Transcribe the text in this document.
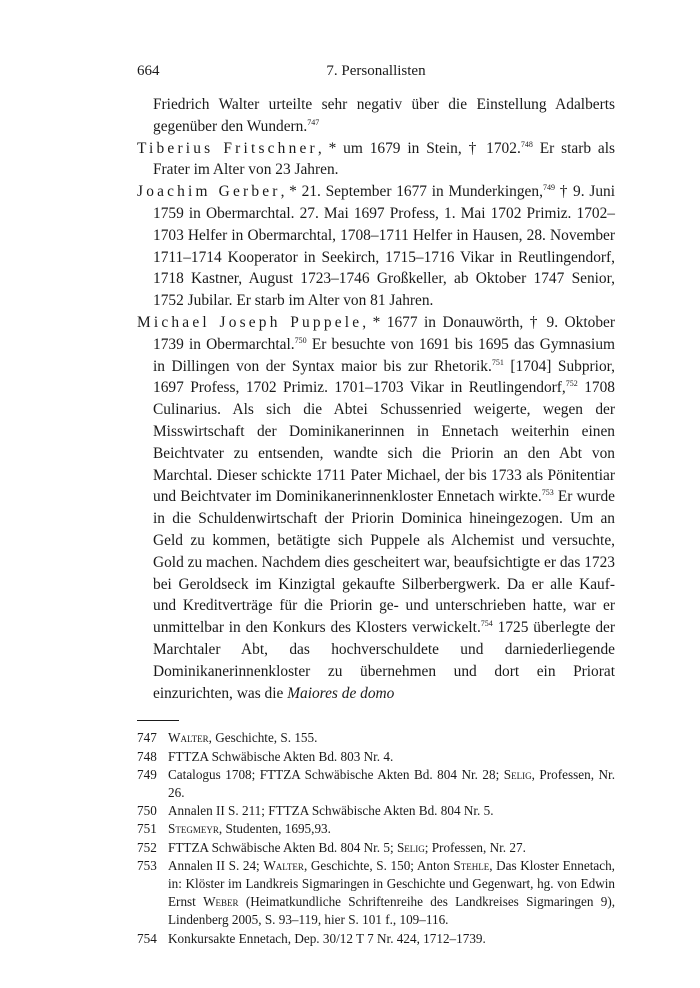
664	7. Personallisten

Friedrich Walter urteilte sehr negativ über die Einstellung Adalberts gegenüber den Wundern.$^{747}$

Tiberius Fritschner, * um 1679 in Stein, † 1702.$^{748}$ Er starb als Frater im Alter von 23 Jahren.

Joachim Gerber, * 21. September 1677 in Munderkingen,$^{749}$ † 9. Juni 1759 in Obermarchtal. 27. Mai 1697 Profess, 1. Mai 1702 Primiz. 1702–1703 Helfer in Obermarchtal, 1708–1711 Helfer in Hausen, 28. November 1711–1714 Kooperator in Seekirch, 1715–1716 Vikar in Reutlingendorf, 1718 Kastner, August 1723–1746 Großkeller, ab Oktober 1747 Senior, 1752 Jubilar. Er starb im Alter von 81 Jahren.

Michael Joseph Puppele, * 1677 in Donauwörth, † 9. Oktober 1739 in Obermarchtal.$^{750}$ Er besuchte von 1691 bis 1695 das Gymnasium in Dillingen von der Syntax maior bis zur Rhetorik.$^{751}$ [1704] Subprior, 1697 Profess, 1702 Primiz. 1701–1703 Vikar in Reutlingendorf,$^{752}$ 1708 Culinarius. Als sich die Abtei Schussenried weigerte, wegen der Misswirtschaft der Dominikanerinnen in Ennetach weiterhin einen Beichtvater zu entsenden, wandte sich die Priorin an den Abt von Marchtal. Dieser schickte 1711 Pater Michael, der bis 1733 als Pönitentiar und Beichtvater im Dominikanerinnenkloster Ennetach wirkte.$^{753}$ Er wurde in die Schuldenwirtschaft der Priorin Dominica hineingezogen. Um an Geld zu kommen, betätigte sich Puppele als Alchemist und versuchte, Gold zu machen. Nachdem dies gescheitert war, beaufsichtigte er das 1723 bei Geroldseck im Kinzigtal gekaufte Silberbergwerk. Da er alle Kauf- und Kreditverträge für die Priorin ge- und unterschrieben hatte, war er unmittelbar in den Konkurs des Klosters verwickelt.$^{754}$ 1725 überlegte der Marchtaler Abt, das hochverschuldete und darniederliegende Dominikanerinnenkloster zu übernehmen und dort ein Priorat einzurichten, was die Maiores de domo

747 Walter, Geschichte, S. 155.
748 FTTZA Schwäbische Akten Bd. 803 Nr. 4.
749 Catalogus 1708; FTTZA Schwäbische Akten Bd. 804 Nr. 28; Selig, Professen, Nr. 26.
750 Annalen II S. 211; FTTZA Schwäbische Akten Bd. 804 Nr. 5.
751 Stegmeyr, Studenten, 1695,93.
752 FTTZA Schwäbische Akten Bd. 804 Nr. 5; Selig; Professen, Nr. 27.
753 Annalen II S. 24; Walter, Geschichte, S. 150; Anton Stehle, Das Kloster Ennetach, in: Klöster im Landkreis Sigmaringen in Geschichte und Gegenwart, hg. von Edwin Ernst Weber (Heimatkundliche Schriftenreihe des Landkreises Sigmaringen 9), Lindenberg 2005, S. 93–119, hier S. 101 f., 109–116.
754 Konkursakte Ennetach, Dep. 30/12 T 7 Nr. 424, 1712–1739.
